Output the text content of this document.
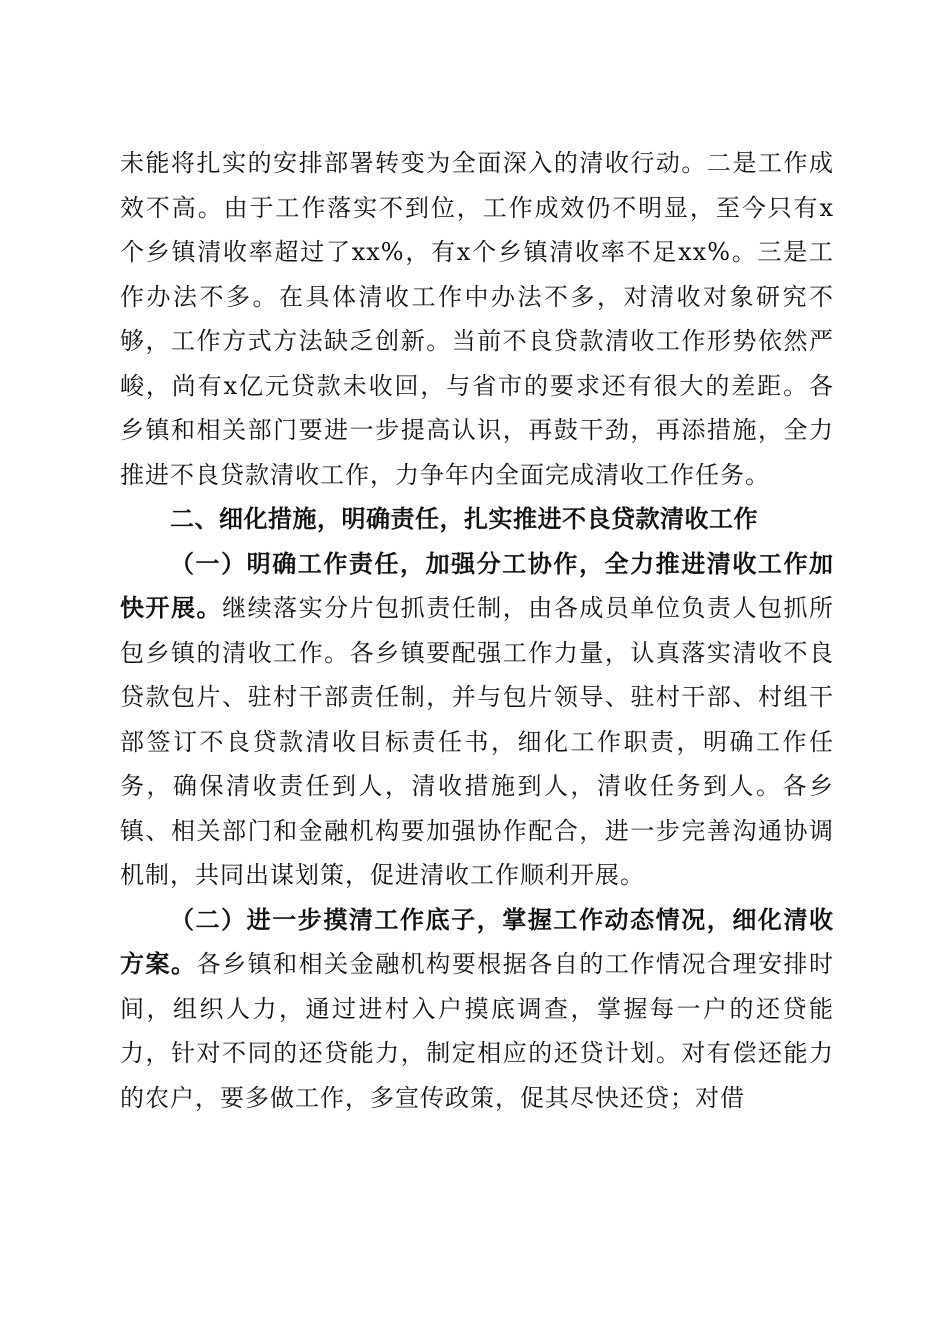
未能将扎实的安排部署转变为全面深入的清收行动。二是工作成效不高。由于工作落实不到位，工作成效仍不明显，至今只有x个乡镇清收率超过了xx%，有x个乡镇清收率不足xx%。三是工作办法不多。在具体清收工作中办法不多，对清收对象研究不够，工作方式方法缺乏创新。当前不良贷款清收工作形势依然严峻，尚有x亿元贷款未收回，与省市的要求还有很大的差距。各乡镇和相关部门要进一步提高认识，再鼓干劲，再添措施，全力推进不良贷款清收工作，力争年内全面完成清收工作任务。

二、细化措施，明确责任，扎实推进不良贷款清收工作

（一）明确工作责任，加强分工协作，全力推进清收工作加快开展。继续落实分片包抓责任制，由各成员单位负责人包抓所包乡镇的清收工作。各乡镇要配强工作力量，认真落实清收不良贷款包片、驻村干部责任制，并与包片领导、驻村干部、村组干部签订不良贷款清收目标责任书，细化工作职责，明确工作任务，确保清收责任到人，清收措施到人，清收任务到人。各乡镇、相关部门和金融机构要加强协作配合，进一步完善沟通协调机制，共同出谋划策，促进清收工作顺利开展。

（二）进一步摸清工作底子，掌握工作动态情况，细化清收方案。各乡镇和相关金融机构要根据各自的工作情况合理安排时间，组织人力，通过进村入户摸底调查，掌握每一户的还贷能力，针对不同的还贷能力，制定相应的还贷计划。对有偿还能力的农户，要多做工作，多宣传政策，促其尽快还贷；对借
